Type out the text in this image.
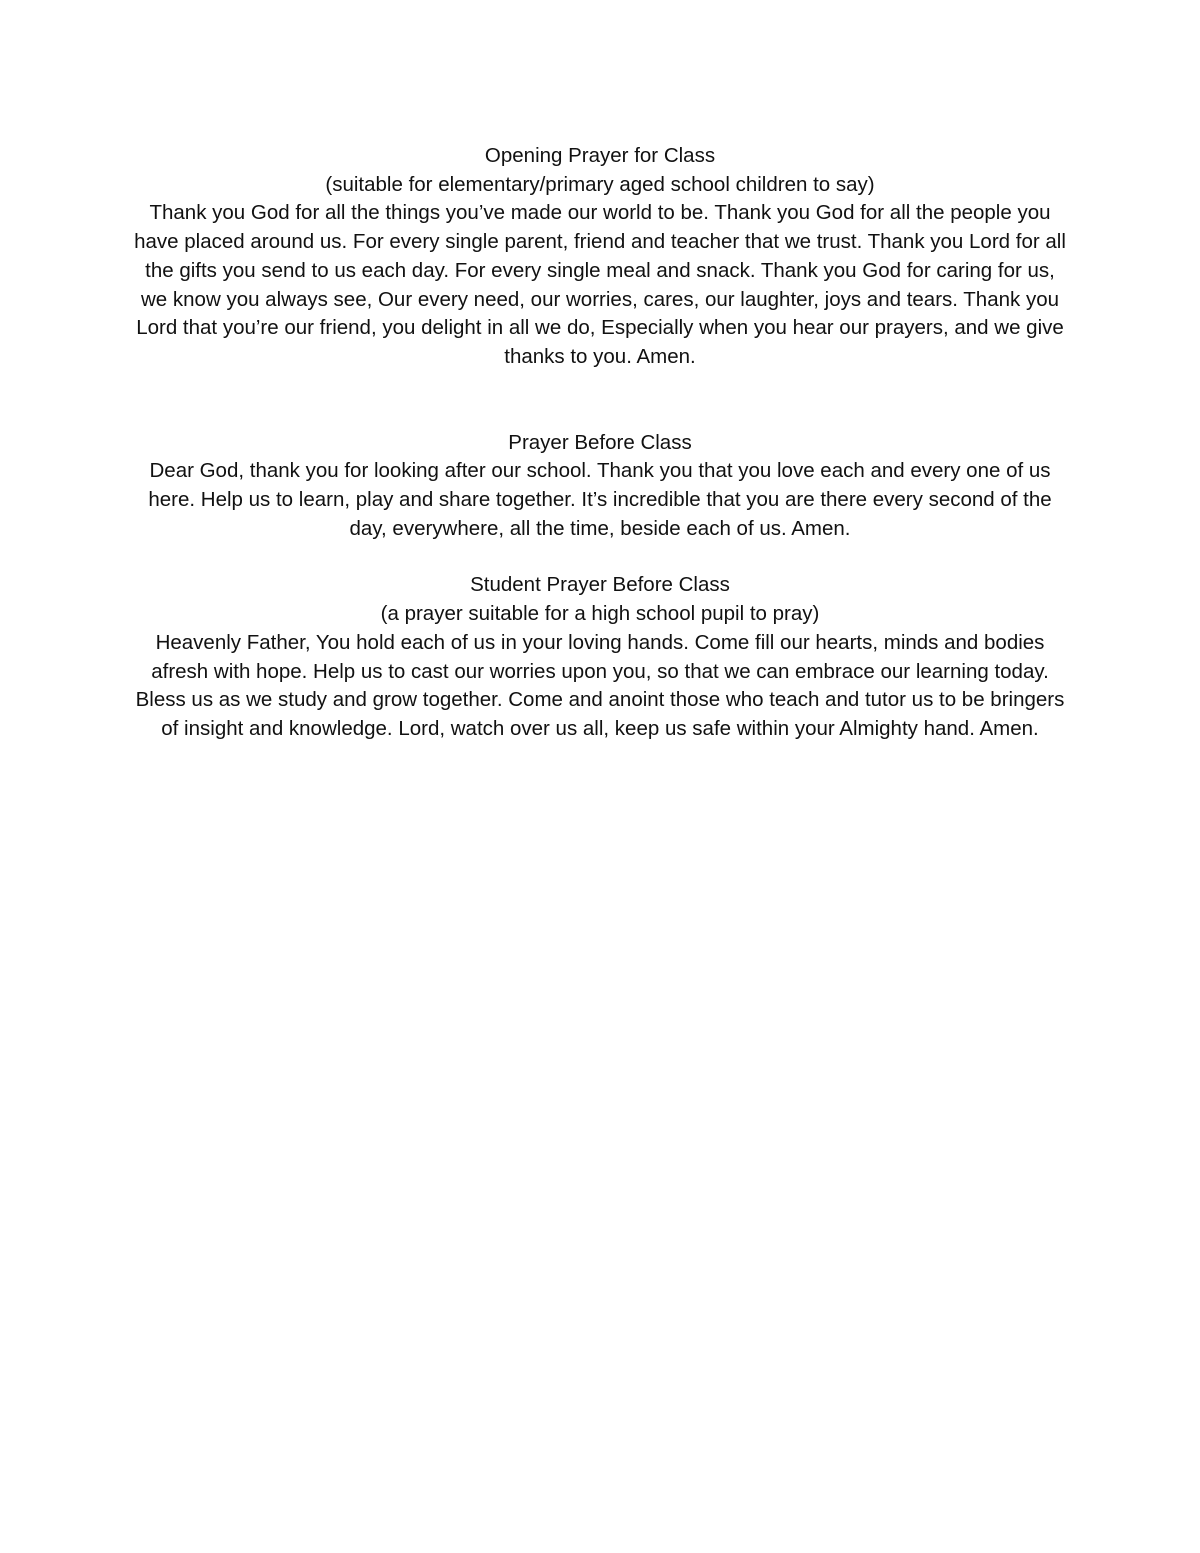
Opening Prayer for Class

(suitable for elementary/primary aged school children to say)

Thank you God for all the things you’ve made our world to be. Thank you God for all the people you have placed around us. For every single parent, friend and teacher that we trust. Thank you Lord for all the gifts you send to us each day. For every single meal and snack. Thank you God for caring for us, we know you always see, Our every need, our worries, cares, our laughter, joys and tears. Thank you Lord that you’re our friend, you delight in all we do, Especially when you hear our prayers, and we give thanks to you. Amen.

Prayer Before Class

Dear God, thank you for looking after our school. Thank you that you love each and every one of us here. Help us to learn, play and share together. It’s incredible that you are there every second of the day, everywhere, all the time, beside each of us. Amen.

Student Prayer Before Class

(a prayer suitable for a high school pupil to pray)

Heavenly Father, You hold each of us in your loving hands. Come fill our hearts, minds and bodies afresh with hope. Help us to cast our worries upon you, so that we can embrace our learning today. Bless us as we study and grow together. Come and anoint those who teach and tutor us to be bringers of insight and knowledge. Lord, watch over us all, keep us safe within your Almighty hand. Amen.
